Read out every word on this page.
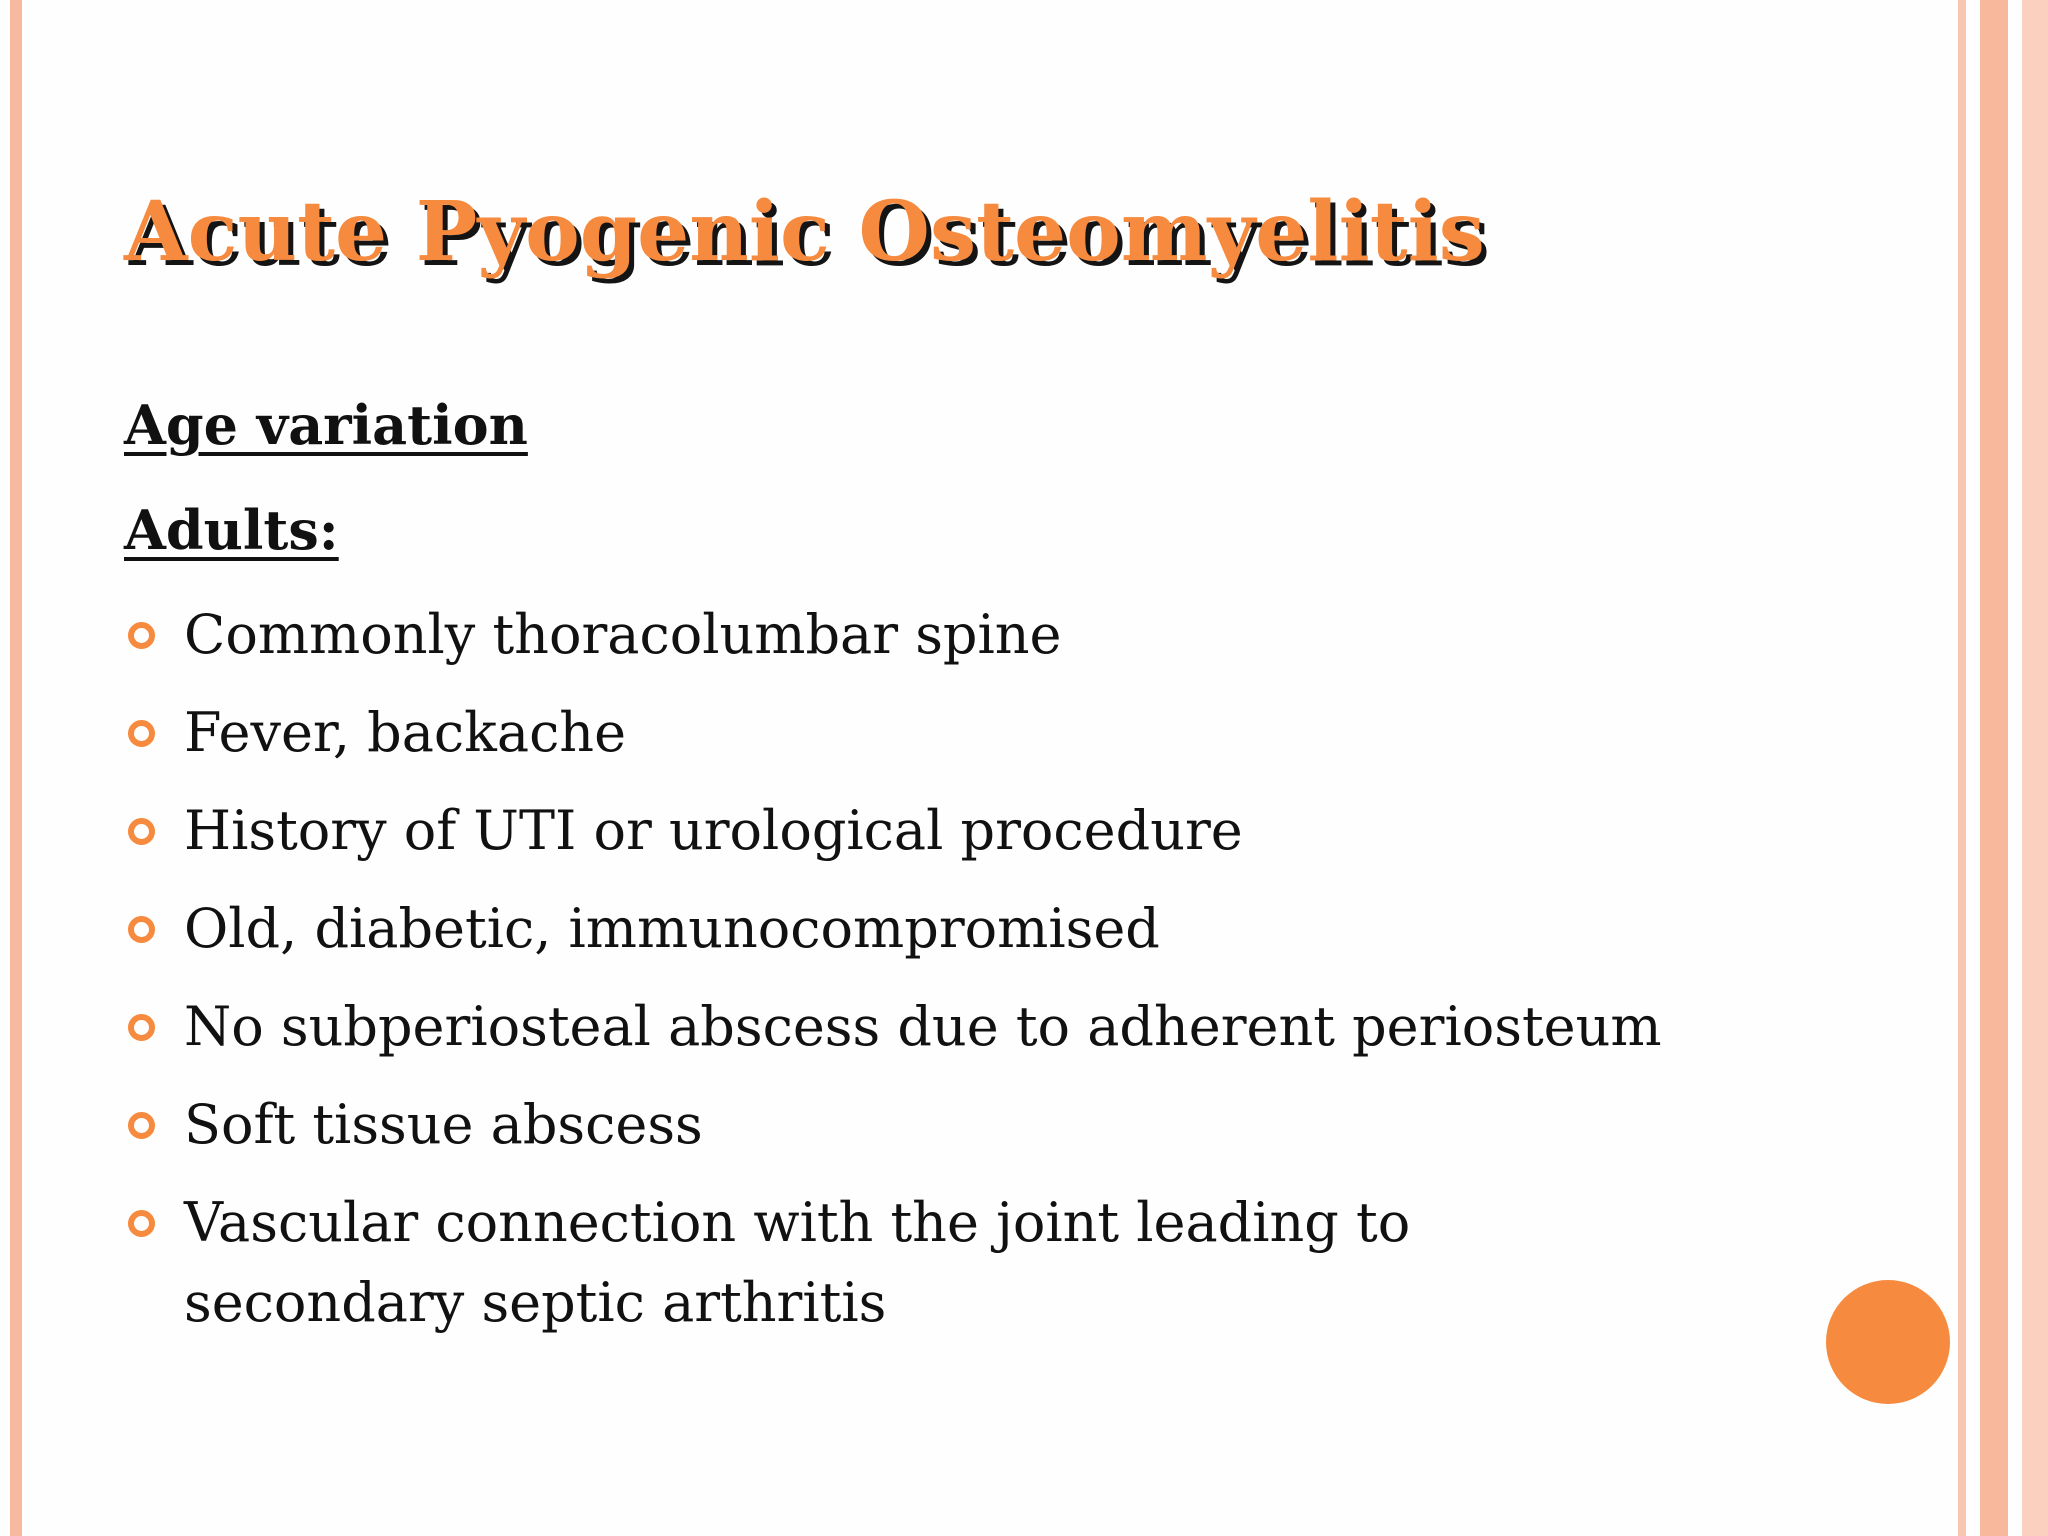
Acute Pyogenic Osteomyelitis
Age variation
Adults:
Commonly thoracolumbar spine
Fever, backache
History of UTI or urological procedure
Old, diabetic, immunocompromised
No subperiosteal abscess due to adherent periosteum
Soft tissue abscess
Vascular connection with the joint leading to secondary septic arthritis
